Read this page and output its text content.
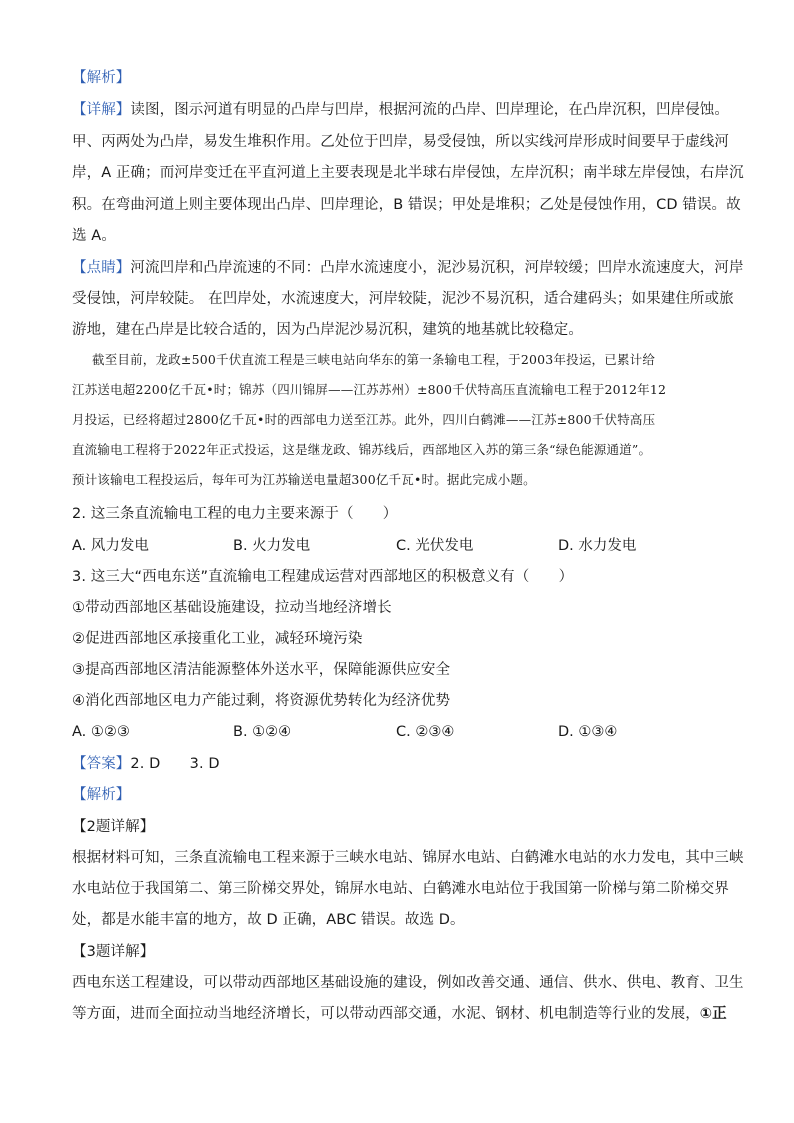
【解析】
【详解】读图，图示河道有明显的凸岸与凹岸，根据河流的凸岸、凹岸理论，在凸岸沉积，凹岸侵蚀。
甲、丙两处为凸岸，易发生堆积作用。乙处位于凹岸，易受侵蚀，所以实线河岸形成时间要早于虚线河
岸，A 正确；而河岸变迁在平直河道上主要表现是北半球右岸侵蚀，左岸沉积；南半球左岸侵蚀，右岸沉
积。在弯曲河道上则主要体现出凸岸、凹岸理论，B 错误；甲处是堆积；乙处是侵蚀作用，CD 错误。故
选 A。
【点睛】河流凹岸和凸岸流速的不同：凸岸水流速度小，泥沙易沉积，河岸较缓；凹岸水流速度大，河岸
受侵蚀，河岸较陡。 在凹岸处，水流速度大，河岸较陡，泥沙不易沉积，适合建码头；如果建住所或旅
游地，建在凸岸是比较合适的，因为凸岸泥沙易沉积，建筑的地基就比较稳定。
截至目前，龙政±500千伏直流工程是三峡电站向华东的第一条输电工程，于2003年投运，已累计给
江苏送电超2200亿千瓦•时；锦苏（四川锦屏——江苏苏州）±800千伏特高压直流输电工程于2012年12
月投运，已经将超过2800亿千瓦•时的西部电力送至江苏。此外，四川白鹤滩——江苏±800千伏特高压
直流输电工程将于2022年正式投运，这是继龙政、锦苏线后，西部地区入苏的第三条“绿色能源通道”。
预计该输电工程投运后，每年可为江苏输送电量超300亿千瓦•时。据此完成小题。
2. 这三条直流输电工程的电力主要来源于（　　）
A. 风力发电	B. 火力发电	C. 光伏发电	D. 水力发电
3. 这三大“西电东送”直流输电工程建成运营对西部地区的积极意义有（　　）
①带动西部地区基础设施建设，拉动当地经济增长
②促进西部地区承接重化工业，减轻环境污染
③提高西部地区清洁能源整体外送水平，保障能源供应安全
④消化西部地区电力产能过剩，将资源优势转化为经济优势
A. ①②③	B. ①②④	C. ②③④	D. ①③④
【答案】2. D　　3. D
【解析】
【2题详解】
根据材料可知，三条直流输电工程来源于三峡水电站、锦屏水电站、白鹤滩水电站的水力发电，其中三峡
水电站位于我国第二、第三阶梯交界处，锦屏水电站、白鹤滩水电站位于我国第一阶梯与第二阶梯交界
处，都是水能丰富的地方，故 D 正确，ABC 错误。故选 D。
【3题详解】
西电东送工程建设，可以带动西部地区基础设施的建设，例如改善交通、通信、供水、供电、教育、卫生
等方面，进而全面拉动当地经济增长，可以带动西部交通，水泥、钢材、机电制造等行业的发展，①正
